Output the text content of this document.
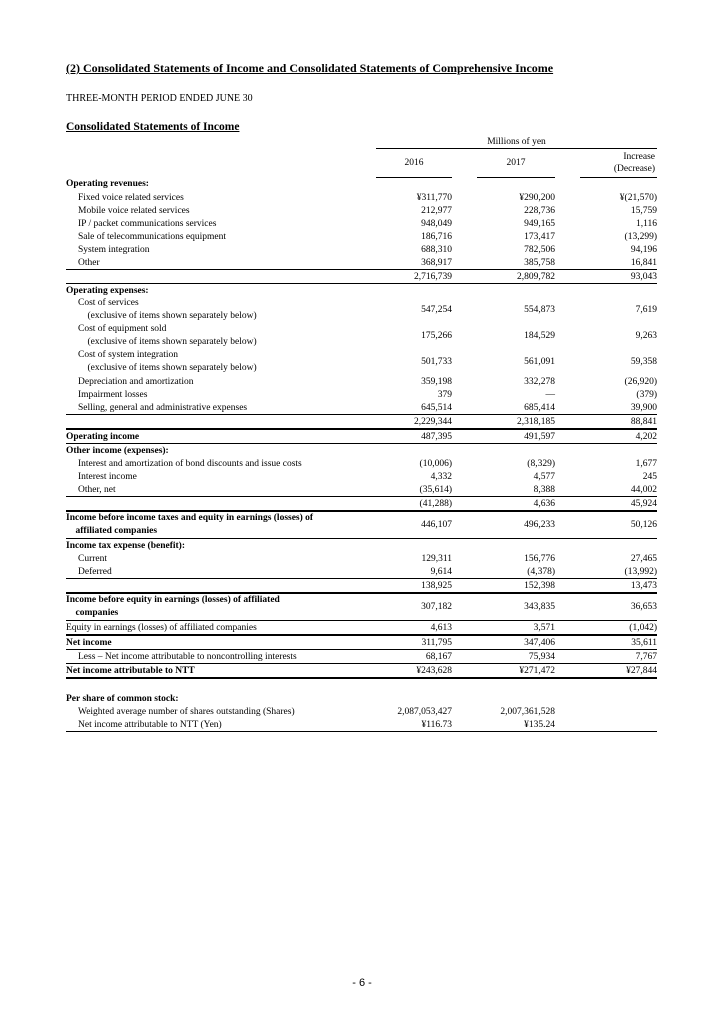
(2) Consolidated Statements of Income and Consolidated Statements of Comprehensive Income
THREE-MONTH PERIOD ENDED JUNE 30
Consolidated Statements of Income
		Millions of yen				
		2016		2017		Increase
(Decrease)
Operating revenues:						
Fixed voice related services		¥311,770		¥290,200		¥(21,570)
Mobile voice related services		212,977		228,736		15,759
IP / packet communications services		948,049		949,165		1,116
Sale of telecommunications equipment		186,716		173,417		(13,299)
System integration		688,310		782,506		94,196
Other		368,917		385,758		16,841
		2,716,739		2,809,782		93,043
Operating expenses:						
Cost of services
(exclusive of items shown separately below)		547,254		554,873		7,619
Cost of equipment sold
(exclusive of items shown separately below)		175,266		184,529		9,263
Cost of system integration
(exclusive of items shown separately below)		501,733		561,091		59,358
Depreciation and amortization		359,198		332,278		(26,920)
Impairment losses		379		—		(379)
Selling, general and administrative expenses		645,514		685,414		39,900
		2,229,344		2,318,185		88,841
Operating income		487,395		491,597		4,202
Other income (expenses):						
Interest and amortization of bond discounts and issue costs		(10,006)		(8,329)		1,677
Interest income		4,332		4,577		245
Other, net		(35,614)		8,388		44,002
		(41,288)		4,636		45,924
Income before income taxes and equity in earnings (losses) of
affiliated companies		446,107		496,233		50,126
Income tax expense (benefit):						
Current		129,311		156,776		27,465
Deferred		9,614		(4,378)		(13,992)
		138,925		152,398		13,473
Income before equity in earnings (losses) of affiliated
companies		307,182		343,835		36,653
Equity in earnings (losses) of affiliated companies		4,613		3,571		(1,042)
Net income		311,795		347,406		35,611
Less – Net income attributable to noncontrolling interests		68,167		75,934		7,767
Net income attributable to NTT		¥243,628		¥271,472		¥27,844

Per share of common stock:						
Weighted average number of shares outstanding (Shares)		2,087,053,427		2,007,361,528		
Net income attributable to NTT (Yen)		¥116.73		¥135.24		
- 6 -
